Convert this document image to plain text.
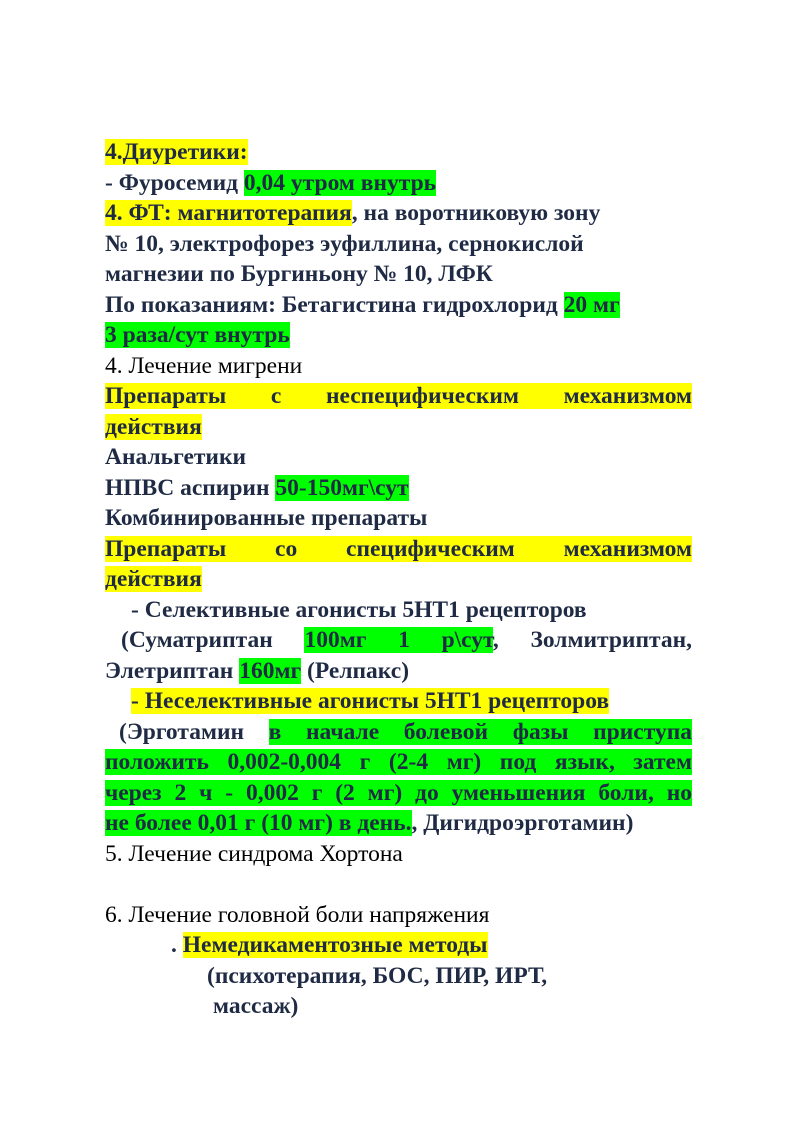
4.Диуретики:
- Фуросемид 0,04 утром внутрь
4. ФТ: магнитотерапия, на воротниковую зону
№ 10, электрофорез эуфиллина, сернокислой
магнезии по Бургиньону № 10, ЛФК
По показаниям: Бетагистина гидрохлорид 20 мг
3 раза/сут внутрь
4. Лечение мигрени
Препараты с неспецифическим механизмом
действия
Анальгетики
НПВС аспирин 50-150мг\сут
Комбинированные препараты
Препараты со специфическим механизмом
действия
- Селективные агонисты 5НТ1 рецепторов
(Суматриптан 100мг 1 р\сут, Золмитриптан,
Элетриптан 160мг (Релпакс)
- Неселективные агонисты 5НТ1 рецепторов
(Эрготамин в начале болевой фазы приступа
положить 0,002-0,004 г (2-4 мг) под язык, затем
через 2 ч - 0,002 г (2 мг) до уменьшения боли, но
не более 0,01 г (10 мг) в день., Дигидроэрготамин)
5. Лечение синдрома Хортона
6. Лечение головной боли напряжения
. Немедикаментозные методы
(психотерапия, БОС, ПИР, ИРТ,
массаж)
